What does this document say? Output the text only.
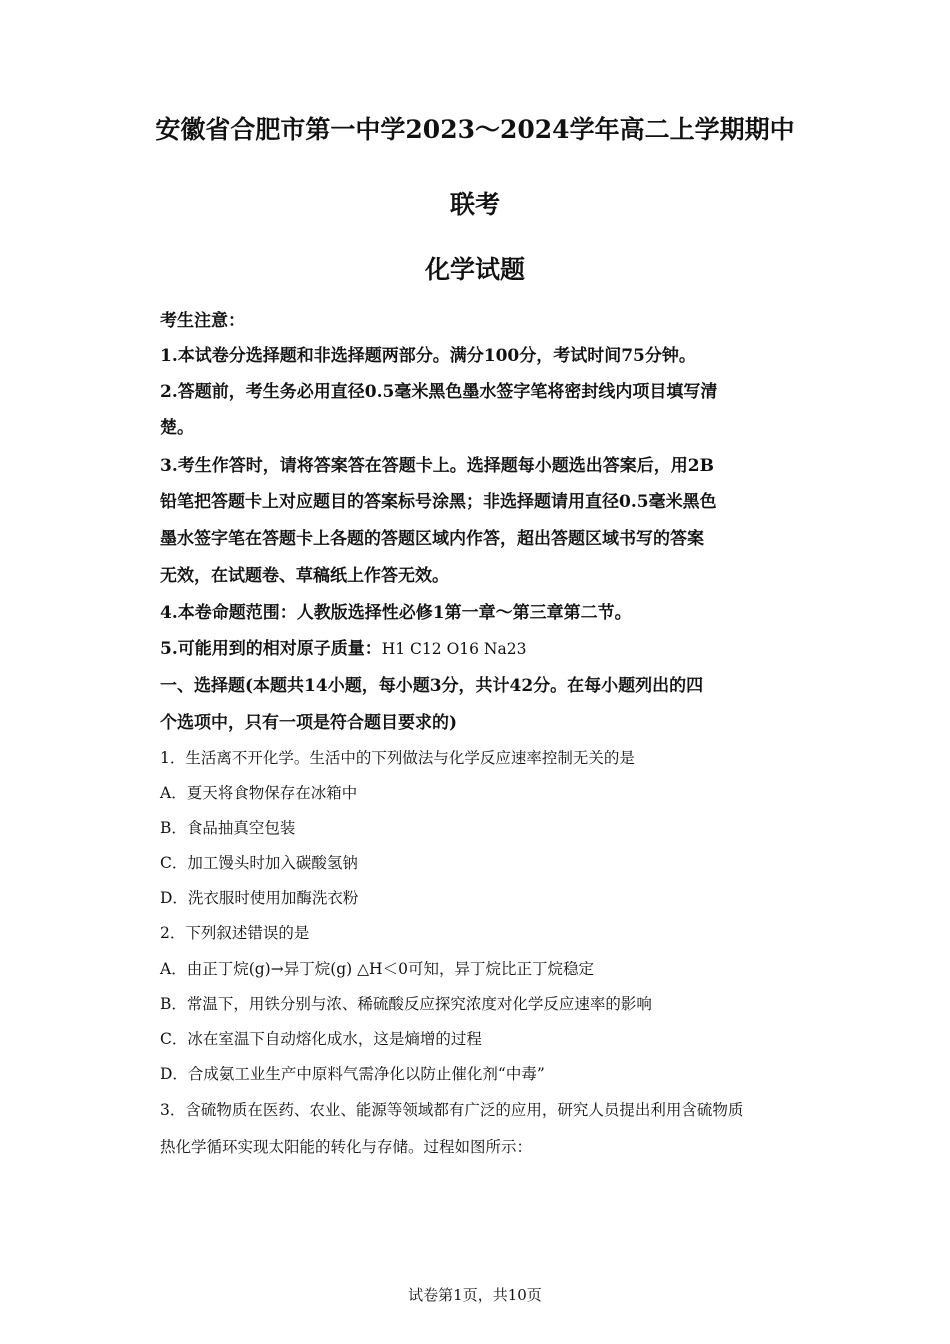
安徽省合肥市第一中学2023～2024学年高二上学期期中
联考
化学试题
考生注意：
1.本试卷分选择题和非选择题两部分。满分100分，考试时间75分钟。
2.答题前，考生务必用直径0.5毫米黑色墨水签字笔将密封线内项目填写清
楚。
3.考生作答时，请将答案答在答题卡上。选择题每小题选出答案后，用2B
铅笔把答题卡上对应题目的答案标号涂黑；非选择题请用直径0.5毫米黑色
墨水签字笔在答题卡上各题的答题区域内作答，超出答题区域书写的答案
无效，在试题卷、草稿纸上作答无效。
4.本卷命题范围：人教版选择性必修1第一章～第三章第二节。
5.可能用到的相对原子质量：H1 C12 O16 Na23
一、选择题(本题共14小题，每小题3分，共计42分。在每小题列出的四
个选项中，只有一项是符合题目要求的)
1．生活离不开化学。生活中的下列做法与化学反应速率控制无关的是
A．夏天将食物保存在冰箱中
B．食品抽真空包装
C．加工馒头时加入碳酸氢钠
D．洗衣服时使用加酶洗衣粉
2．下列叙述错误的是
A．由正丁烷(g)→异丁烷(g) △H＜0可知，异丁烷比正丁烷稳定
B．常温下，用铁分别与浓、稀硫酸反应探究浓度对化学反应速率的影响
C．冰在室温下自动熔化成水，这是熵增的过程
D．合成氨工业生产中原料气需净化以防止催化剂“中毒”
3．含硫物质在医药、农业、能源等领域都有广泛的应用，研究人员提出利用含硫物质
热化学循环实现太阳能的转化与存储。过程如图所示：
试卷第1页，共10页
